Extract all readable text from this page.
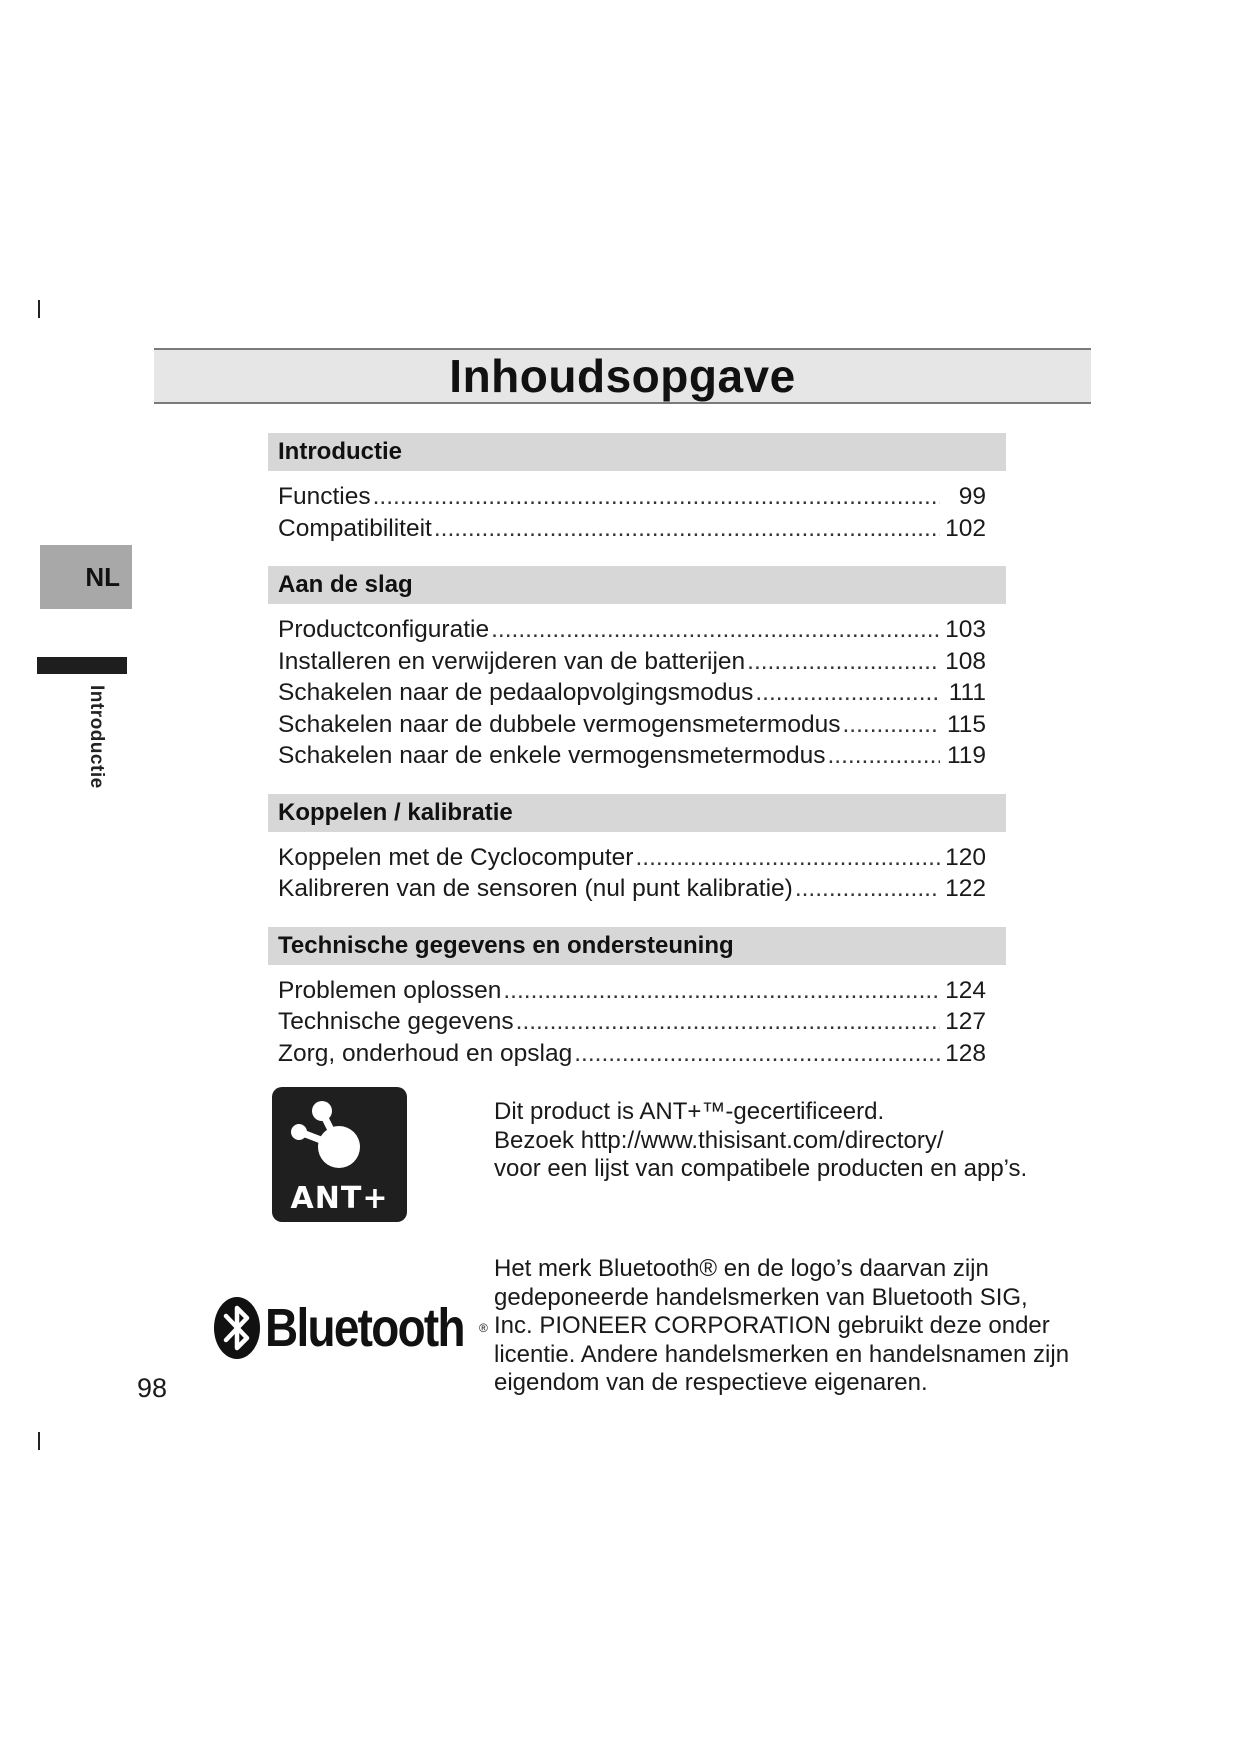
Inhoudsopgave
NL
Introductie
Introductie
Functies .....	99
Compatibiliteit .....	102
Aan de slag
Productconfiguratie .....	103
Installeren en verwijderen van de batterijen .....	108
Schakelen naar de pedaalopvolgingsmodus .....	111
Schakelen naar de dubbele vermogensmetermodus .....	115
Schakelen naar de enkele vermogensmetermodus .....	119
Koppelen / kalibratie
Koppelen met de Cyclocomputer .....	120
Kalibreren van de sensoren (nul punt kalibratie) .....	122
Technische gegevens en ondersteuning
Problemen oplossen .....	124
Technische gegevens .....	127
Zorg, onderhoud en opslag .....	128
ANT+
Dit product is ANT+™-gecertificeerd.
Bezoek http://www.thisisant.com/directory/
voor een lijst van compatibele producten en app’s.
Bluetooth ®
Het merk Bluetooth® en de logo’s daarvan zijn
gedeponeerde handelsmerken van Bluetooth SIG,
Inc. PIONEER CORPORATION gebruikt deze onder
licentie. Andere handelsmerken en handelsnamen zijn
eigendom van de respectieve eigenaren.
98
